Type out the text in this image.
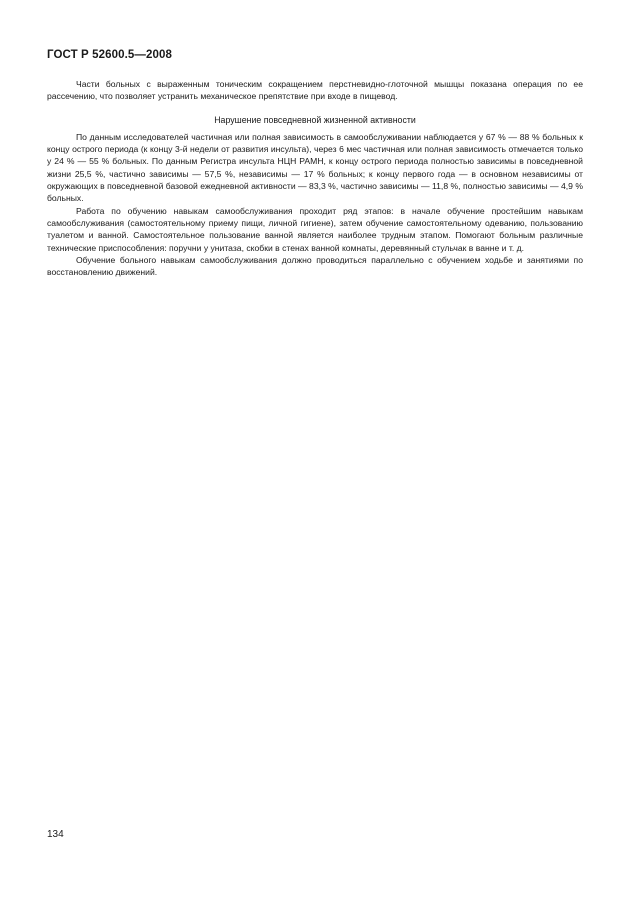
ГОСТ Р 52600.5—2008

Части больных с выраженным тоническим сокращением перстневидно-глоточной мышцы показана операция по ее рассечению, что позволяет устранить механическое препятствие при входе в пищевод.

Нарушение повседневной жизненной активности

По данным исследователей частичная или полная зависимость в самообслуживании наблюдается у 67 % — 88 % больных к концу острого периода (к концу 3-й недели от развития инсульта), через 6 мес частичная или полная зависимость отмечается только у 24 % — 55 % больных. По данным Регистра инсульта НЦН РАМН, к концу острого периода полностью зависимы в повседневной жизни 25,5 %, частично зависимы — 57,5 %, независимы — 17 % больных; к концу первого года — в основном независимы от окружающих в повседневной базовой ежедневной активности — 83,3 %, частично зависимы — 11,8 %, полностью зависимы — 4,9 % больных.

Работа по обучению навыкам самообслуживания проходит ряд этапов: в начале обучение простейшим навыкам самообслуживания (самостоятельному приему пищи, личной гигиене), затем обучение самостоятельному одеванию, пользованию туалетом и ванной. Самостоятельное пользование ванной является наиболее трудным этапом. Помогают больным различные технические приспособления: поручни у унитаза, скобки в стенах ванной комнаты, деревянный стульчак в ванне и т. д.

Обучение больного навыкам самообслуживания должно проводиться параллельно с обучением ходьбе и занятиями по восстановлению движений.

134
